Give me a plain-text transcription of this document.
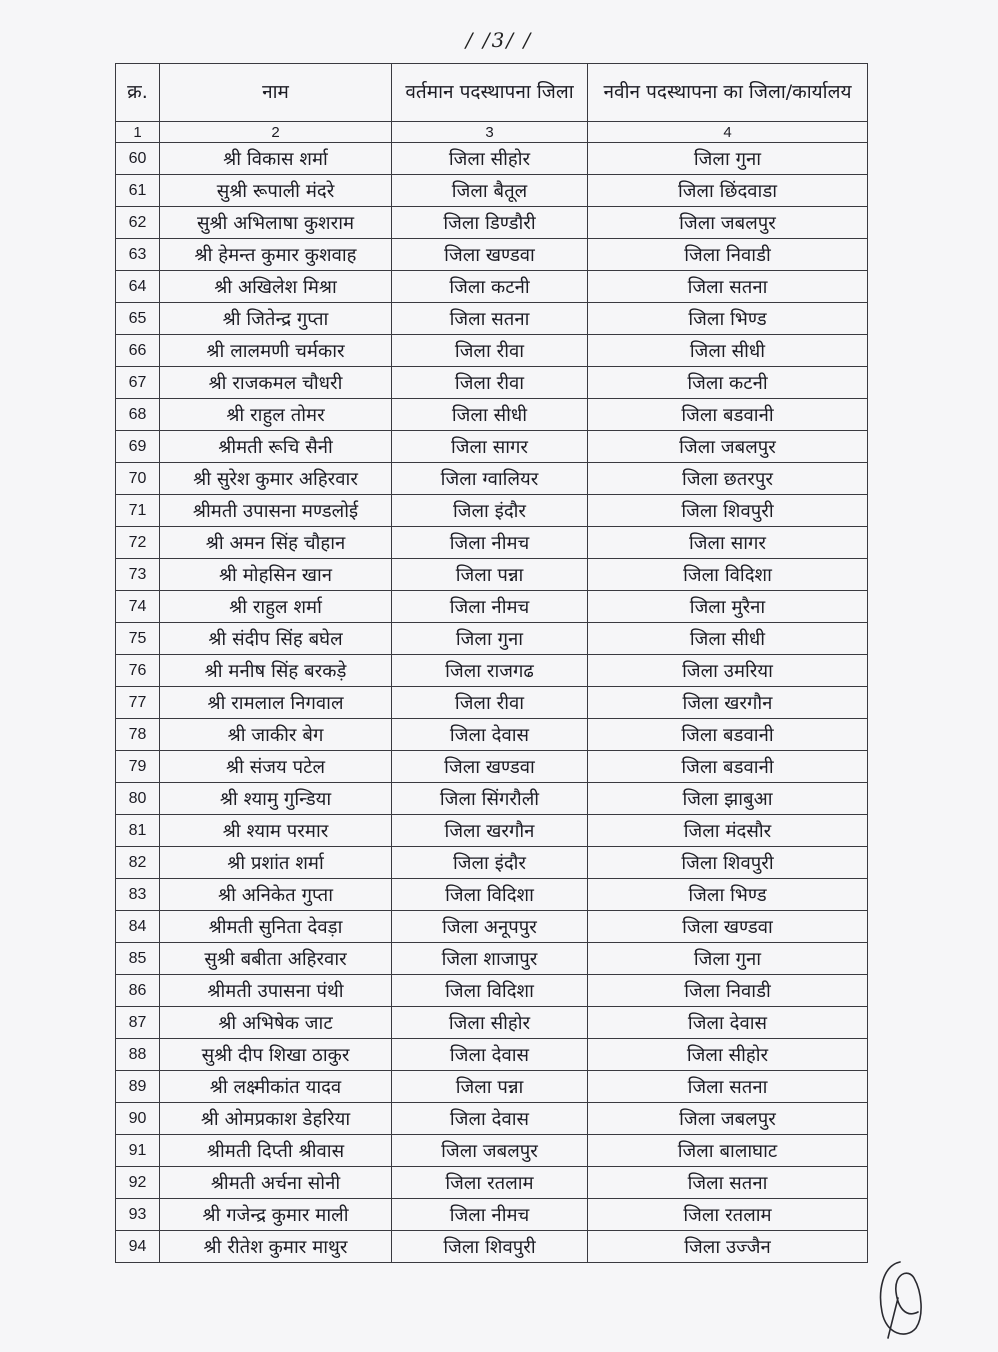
/ /3/ /
क्र.	नाम	वर्तमान पदस्थापना जिला	नवीन पदस्थापना का जिला/कार्यालय
1	2	3	4
60	श्री विकास शर्मा	जिला सीहोर	जिला गुना
61	सुश्री रूपाली मंदरे	जिला बैतूल	जिला छिंदवाडा
62	सुश्री अभिलाषा कुशराम	जिला डिण्डौरी	जिला जबलपुर
63	श्री हेमन्त कुमार कुशवाह	जिला खण्डवा	जिला निवाडी
64	श्री अखिलेश मिश्रा	जिला कटनी	जिला सतना
65	श्री जितेन्द्र गुप्ता	जिला सतना	जिला भिण्ड
66	श्री लालमणी चर्मकार	जिला रीवा	जिला सीधी
67	श्री राजकमल चौधरी	जिला रीवा	जिला कटनी
68	श्री राहुल तोमर	जिला सीधी	जिला बडवानी
69	श्रीमती रूचि सैनी	जिला सागर	जिला जबलपुर
70	श्री सुरेश कुमार अहिरवार	जिला ग्वालियर	जिला छतरपुर
71	श्रीमती उपासना मण्डलोई	जिला इंदौर	जिला शिवपुरी
72	श्री अमन सिंह चौहान	जिला नीमच	जिला सागर
73	श्री मोहसिन खान	जिला पन्ना	जिला विदिशा
74	श्री राहुल शर्मा	जिला नीमच	जिला मुरैना
75	श्री संदीप सिंह बघेल	जिला गुना	जिला सीधी
76	श्री मनीष सिंह बरकड़े	जिला राजगढ	जिला उमरिया
77	श्री रामलाल निगवाल	जिला रीवा	जिला खरगौन
78	श्री जाकीर बेग	जिला देवास	जिला बडवानी
79	श्री संजय पटेल	जिला खण्डवा	जिला बडवानी
80	श्री श्यामु गुन्डिया	जिला सिंगरौली	जिला झाबुआ
81	श्री श्याम परमार	जिला खरगौन	जिला मंदसौर
82	श्री प्रशांत शर्मा	जिला इंदौर	जिला शिवपुरी
83	श्री अनिकेत गुप्ता	जिला विदिशा	जिला भिण्ड
84	श्रीमती सुनिता देवड़ा	जिला अनूपपुर	जिला खण्डवा
85	सुश्री बबीता अहिरवार	जिला शाजापुर	जिला गुना
86	श्रीमती उपासना पंथी	जिला विदिशा	जिला निवाडी
87	श्री अभिषेक जाट	जिला सीहोर	जिला देवास
88	सुश्री दीप शिखा ठाकुर	जिला देवास	जिला सीहोर
89	श्री लक्ष्मीकांत यादव	जिला पन्ना	जिला सतना
90	श्री ओमप्रकाश डेहरिया	जिला देवास	जिला जबलपुर
91	श्रीमती दिप्ती श्रीवास	जिला जबलपुर	जिला बालाघाट
92	श्रीमती अर्चना सोनी	जिला रतलाम	जिला सतना
93	श्री गजेन्द्र कुमार माली	जिला नीमच	जिला रतलाम
94	श्री रीतेश कुमार माथुर	जिला शिवपुरी	जिला उज्जैन
